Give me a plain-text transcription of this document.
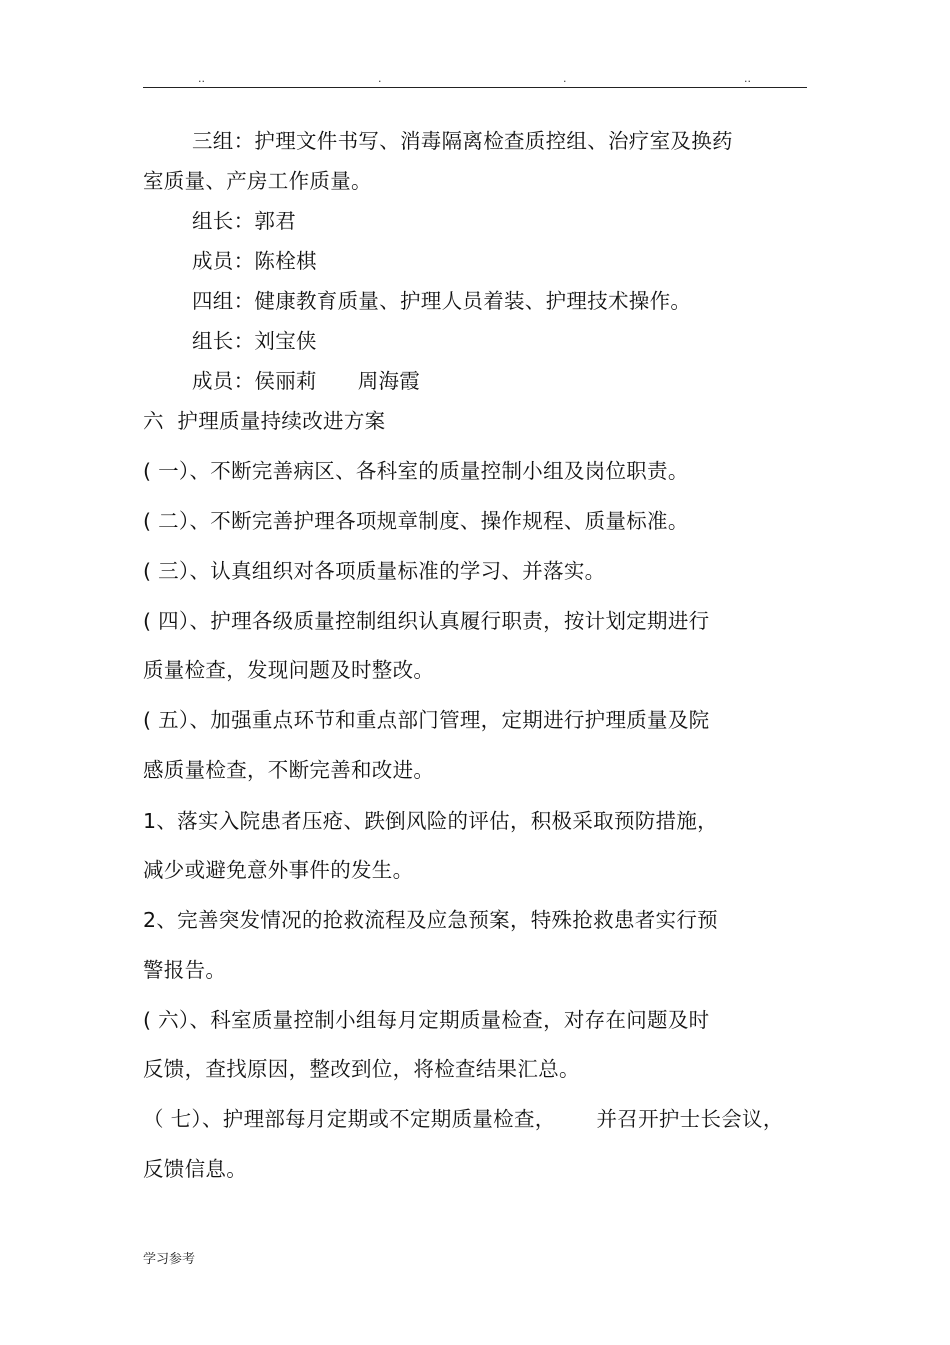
..	.	.	..
三组：护理文件书写、消毒隔离检查质控组、治疗室及换药
室质量、产房工作质量。
组长：郭君
成员：陈栓棋
四组：健康教育质量、护理人员着装、护理技术操作。
组长：刘宝侠
成员：侯丽莉      周海霞
六  护理质量持续改进方案
( 一）、不断完善病区、各科室的质量控制小组及岗位职责。
( 二）、不断完善护理各项规章制度、操作规程、质量标准。
( 三）、认真组织对各项质量标准的学习、并落实。
( 四）、护理各级质量控制组织认真履行职责，按计划定期进行
质量检查，发现问题及时整改。
( 五）、加强重点环节和重点部门管理，定期进行护理质量及院
感质量检查，不断完善和改进。
1、落实入院患者压疮、跌倒风险的评估，积极采取预防措施，
减少或避免意外事件的发生。
2、完善突发情况的抢救流程及应急预案，特殊抢救患者实行预
警报告。
( 六）、科室质量控制小组每月定期质量检查，对存在问题及时
反馈，查找原因，整改到位，将检查结果汇总。
（ 七）、护理部每月定期或不定期质量检查，      并召开护士长会议，
反馈信息。
学习参考
